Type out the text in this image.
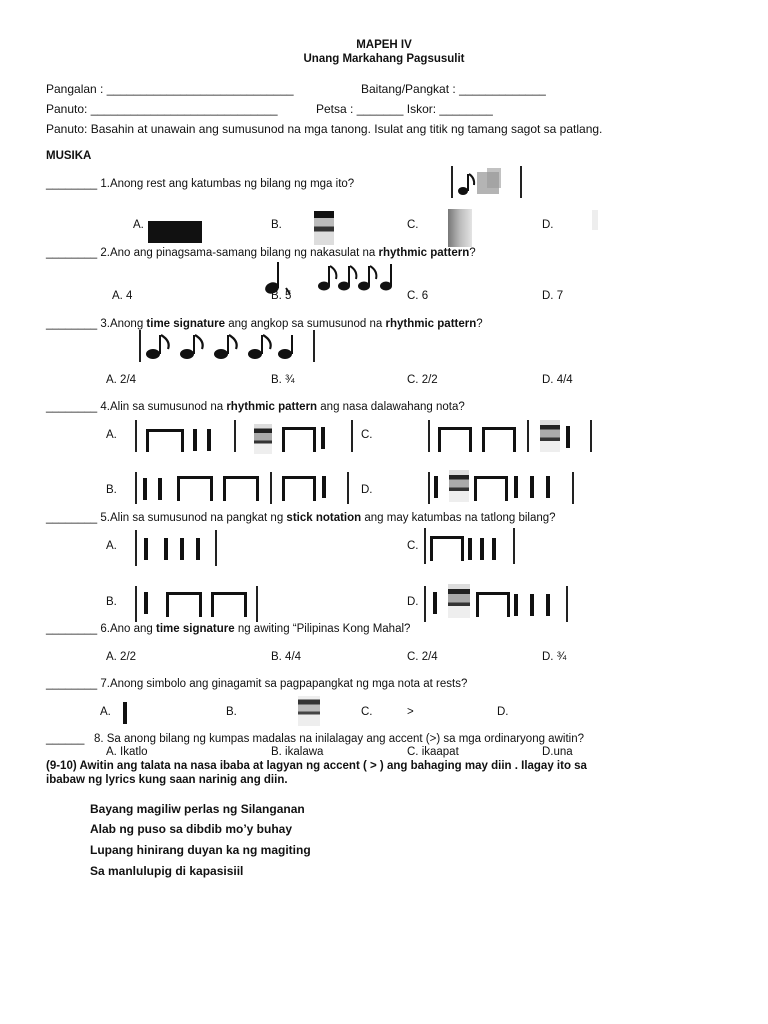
MAPEH IV
Unang Markahang Pagsusulit
Pangalan : ____________________________	Baitang/Pangkat : _____________
Panuto: ____________________________	Petsa : _______ Iskor: ________
Panuto: Basahin at unawain ang sumusunod na mga tanong. Isulat ang titik ng tamang sagot sa patlang.
MUSIKA
________ 1.Anong rest ang katumbas ng bilang ng mga ito?
A.	B.	C.	D.
________ 2.Ano ang pinagsama-samang bilang ng nakasulat na rhythmic pattern?
A. 4	B. 5	C. 6	D. 7
________ 3.Anong time signature ang angkop sa sumusunod na rhythmic pattern?
A. 2/4	B. ¾	C. 2/2	D. 4/4
________ 4.Alin sa sumusunod na rhythmic pattern ang nasa dalawahang nota?
A.	C.
B.	D.
________ 5.Alin sa sumusunod na pangkat ng stick notation ang may katumbas na tatlong bilang?
A.	C.
B.	D.
________ 6.Ano ang time signature ng awiting “Pilipinas Kong Mahal?
A. 2/2	B. 4/4	C. 2/4	D. ¾
________ 7.Anong simbolo ang ginagamit sa pagpapangkat ng mga nota at rests?
A.	B.	C.	>	D.
______ 8. Sa anong bilang ng kumpas madalas na inilalagay ang accent (>) sa mga ordinaryong awitin?
A. Ikatlo	B. ikalawa	C. ikaapat	D.una
(9-10) Awitin ang talata na nasa ibaba at lagyan ng accent ( > ) ang bahaging may diin . Ilagay ito sa
ibabaw ng lyrics kung saan narinig ang diin.
Bayang magiliw perlas ng Silanganan
Alab ng puso sa dibdib mo’y buhay
Lupang hinirang duyan ka ng magiting
Sa manlulupig di kapasisiil
